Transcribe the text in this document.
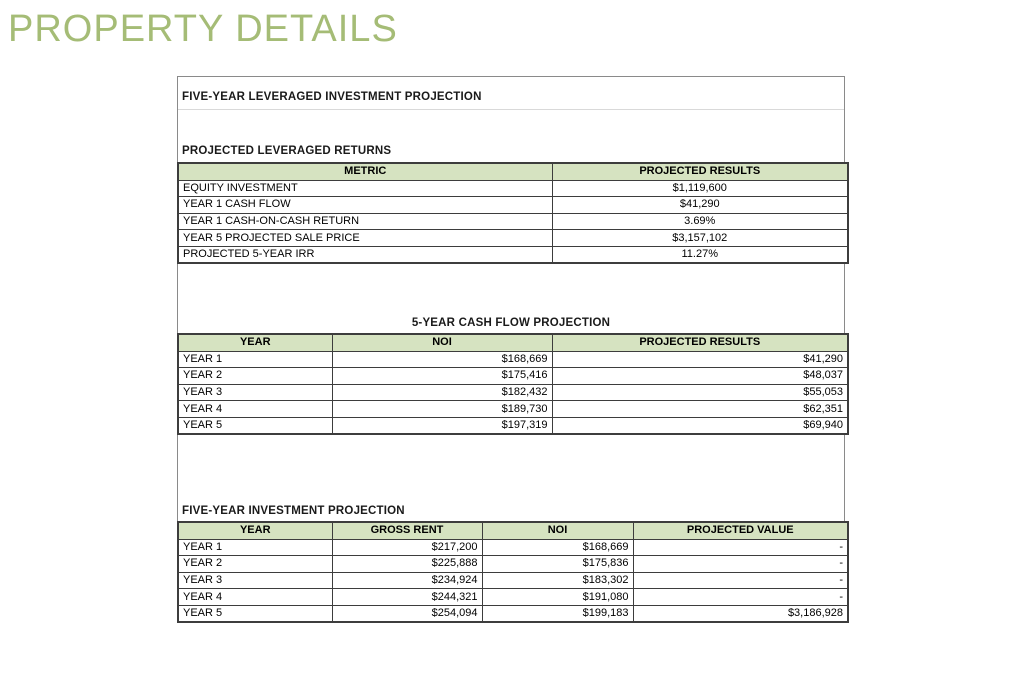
PROPERTY DETAILS
FIVE-YEAR LEVERAGED INVESTMENT PROJECTION
PROJECTED LEVERAGED RETURNS
METRIC	PROJECTED RESULTS
EQUITY INVESTMENT	$1,119,600
YEAR 1 CASH FLOW	$41,290
YEAR 1 CASH-ON-CASH RETURN	3.69%
YEAR 5 PROJECTED SALE PRICE	$3,157,102
PROJECTED 5-YEAR IRR	11.27%
5-YEAR CASH FLOW PROJECTION
YEAR	NOI	PROJECTED RESULTS
YEAR 1	$168,669	$41,290
YEAR 2	$175,416	$48,037
YEAR 3	$182,432	$55,053
YEAR 4	$189,730	$62,351
YEAR 5	$197,319	$69,940
FIVE-YEAR INVESTMENT PROJECTION
YEAR	GROSS RENT	NOI	PROJECTED VALUE
YEAR 1	$217,200	$168,669	-
YEAR 2	$225,888	$175,836	-
YEAR 3	$234,924	$183,302	-
YEAR 4	$244,321	$191,080	-
YEAR 5	$254,094	$199,183	$3,186,928
